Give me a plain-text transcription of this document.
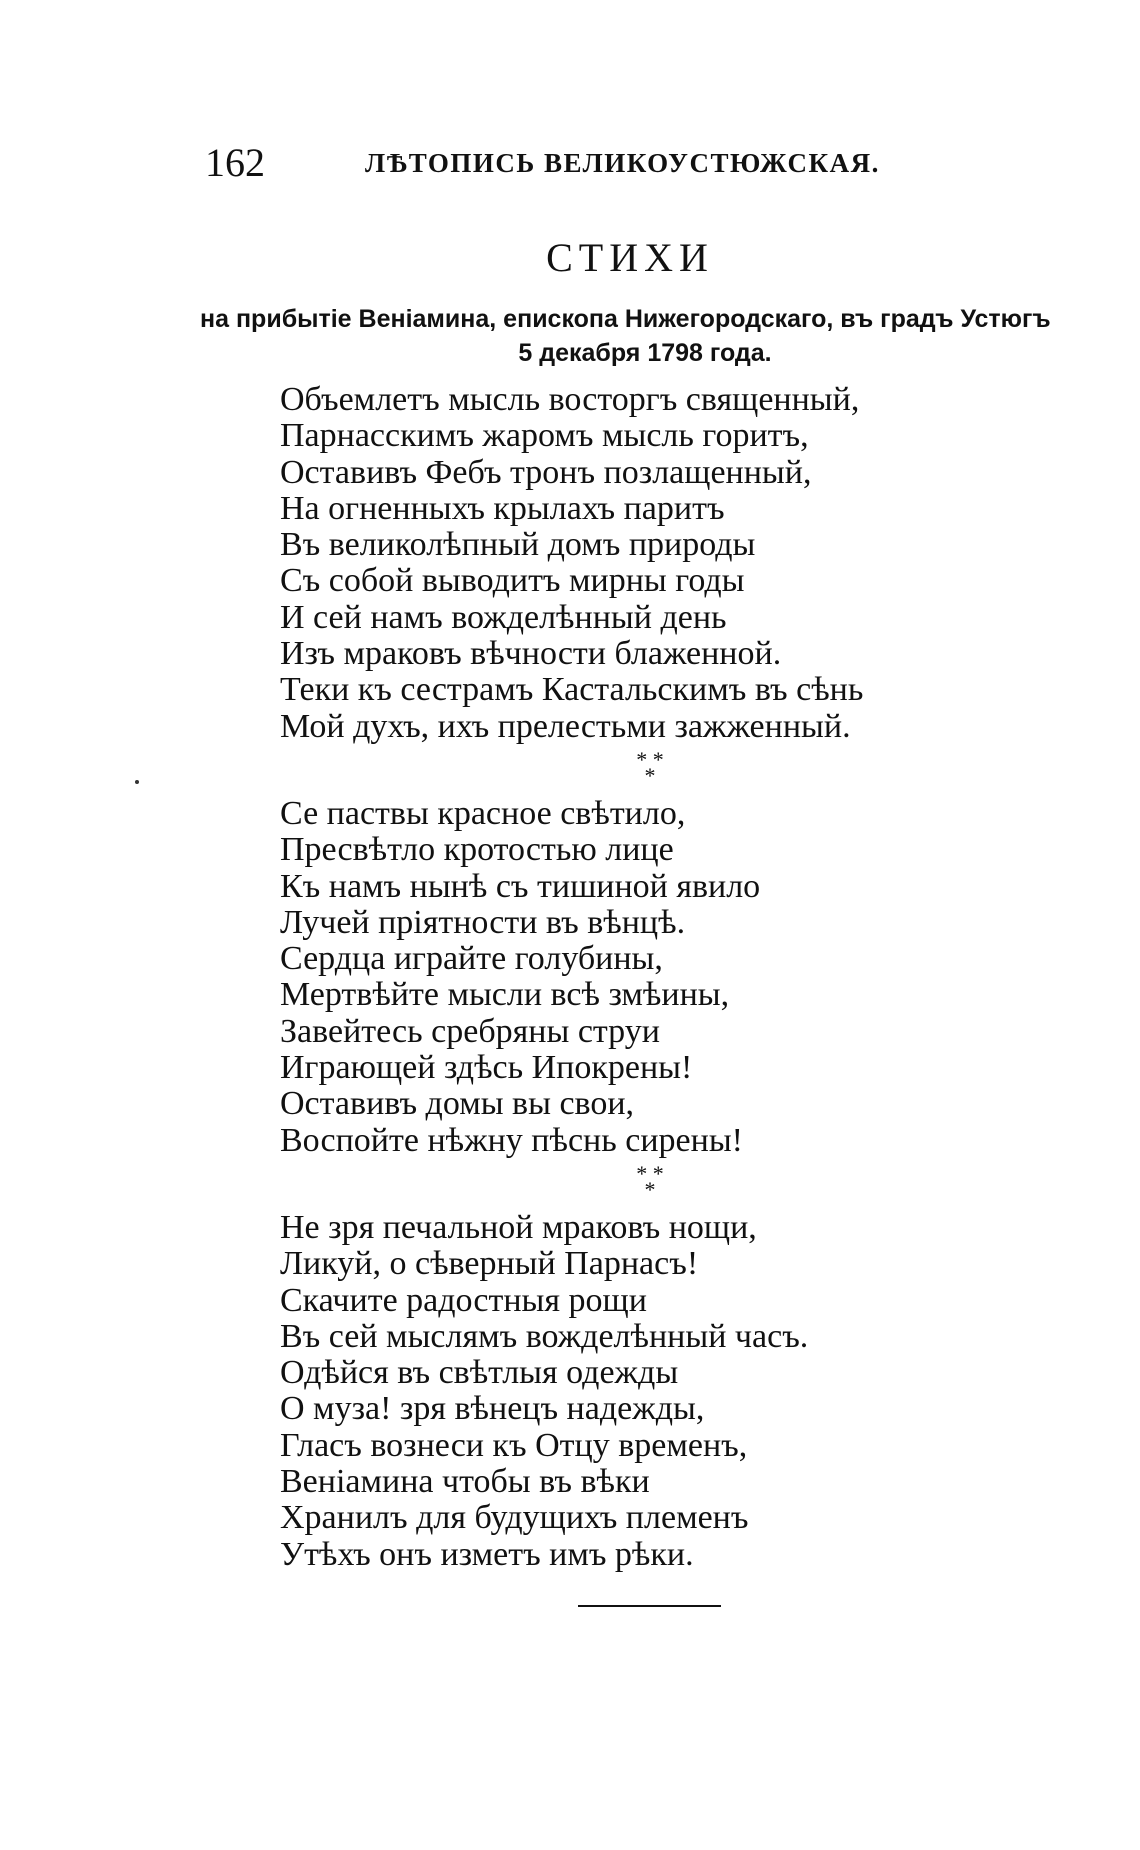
162	ЛѢТОПИСЬ ВЕЛИКОУСТЮЖСКАЯ.
СТИХИ
на прибытіе Веніамина, епископа Нижегородскаго, въ градъ Устюгъ
5 декабря 1798 года.
Объемлетъ мысль восторгъ священный,
Парнасскимъ жаромъ мысль горитъ,
Оставивъ Фебъ тронъ позлащенный,
На огненныхъ крылахъ паритъ
Въ великолѣпный домъ природы
Съ собой выводитъ мирны годы
И сей намъ вожделѣнный день
Изъ мраковъ вѣчности блаженной.
Теки къ сестрамъ Кастальскимъ въ сѣнь
Мой духъ, ихъ прелестьми зажженный.
* *
*
Се паствы красное свѣтило,
Пресвѣтло кротостью лице
Къ намъ нынѣ съ тишиной явило
Лучей пріятности въ вѣнцѣ.
Сердца играйте голубины,
Мертвѣйте мысли всѣ змѣины,
Завейтесь сребряны струи
Играющей здѣсь Ипокрены!
Оставивъ домы вы свои,
Воспойте нѣжну пѣснь сирены!
* *
*
Не зря печальной мраковъ нощи,
Ликуй, о сѣверный Парнасъ!
Скачите радостныя рощи
Въ сей мыслямъ вожделѣнный часъ.
Одѣйся въ свѣтлыя одежды
О муза! зря вѣнецъ надежды,
Гласъ вознеси къ Отцу временъ,
Веніамина чтобы въ вѣки
Хранилъ для будущихъ племенъ
Утѣхъ онъ изметъ имъ рѣки.
